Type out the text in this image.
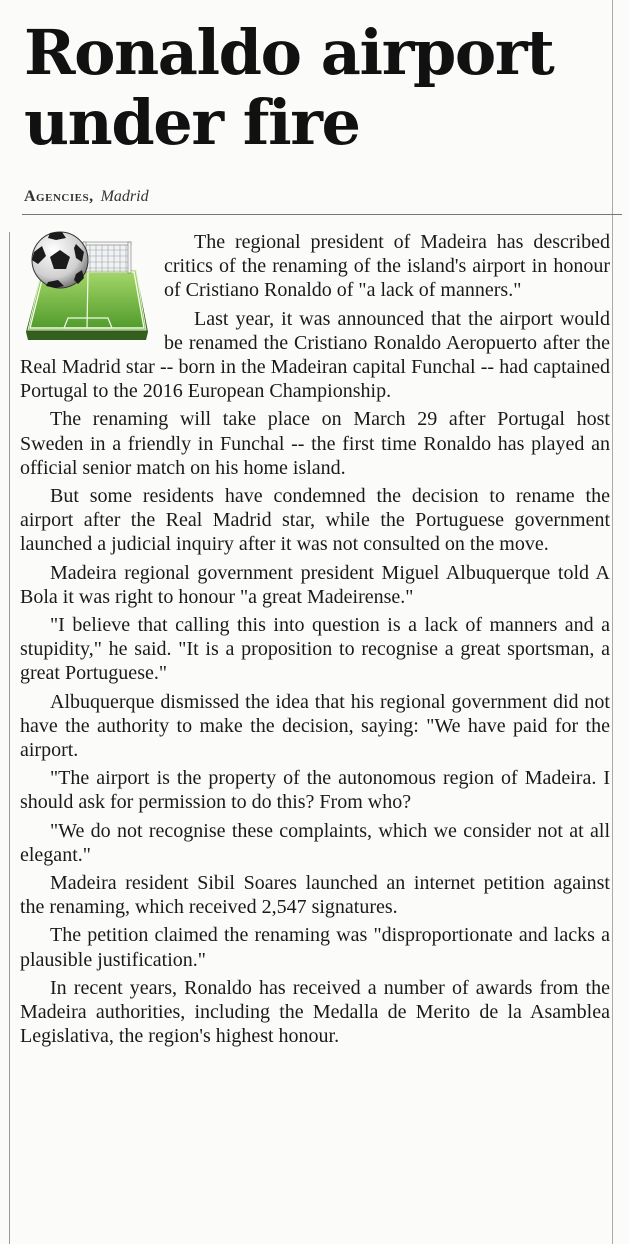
Ronaldo airport under fire
Agencies, Madrid

The regional president of Madeira has described critics of the renaming of the island's airport in honour of Cristiano Ronaldo of "a lack of manners."

Last year, it was announced that the airport would be renamed the Cristiano Ronaldo Aeropuerto after the Real Madrid star -- born in the Madeiran capital Funchal -- had captained Portugal to the 2016 European Championship.

The renaming will take place on March 29 after Portugal host Sweden in a friendly in Funchal -- the first time Ronaldo has played an official senior match on his home island.

But some residents have condemned the decision to rename the airport after the Real Madrid star, while the Portuguese government launched a judicial inquiry after it was not consulted on the move.

Madeira regional government president Miguel Albuquerque told A Bola it was right to honour "a great Madeirense."

"I believe that calling this into question is a lack of manners and a stupidity," he said. "It is a proposition to recognise a great sportsman, a great Portuguese."

Albuquerque dismissed the idea that his regional government did not have the authority to make the decision, saying: "We have paid for the airport.

"The airport is the property of the autonomous region of Madeira. I should ask for permission to do this? From who?

"We do not recognise these complaints, which we consider not at all elegant."

Madeira resident Sibil Soares launched an internet petition against the renaming, which received 2,547 signatures.

The petition claimed the renaming was "disproportionate and lacks a plausible justification."

In recent years, Ronaldo has received a number of awards from the Madeira authorities, including the Medalla de Merito de la Asamblea Legislativa, the region's highest honour.
